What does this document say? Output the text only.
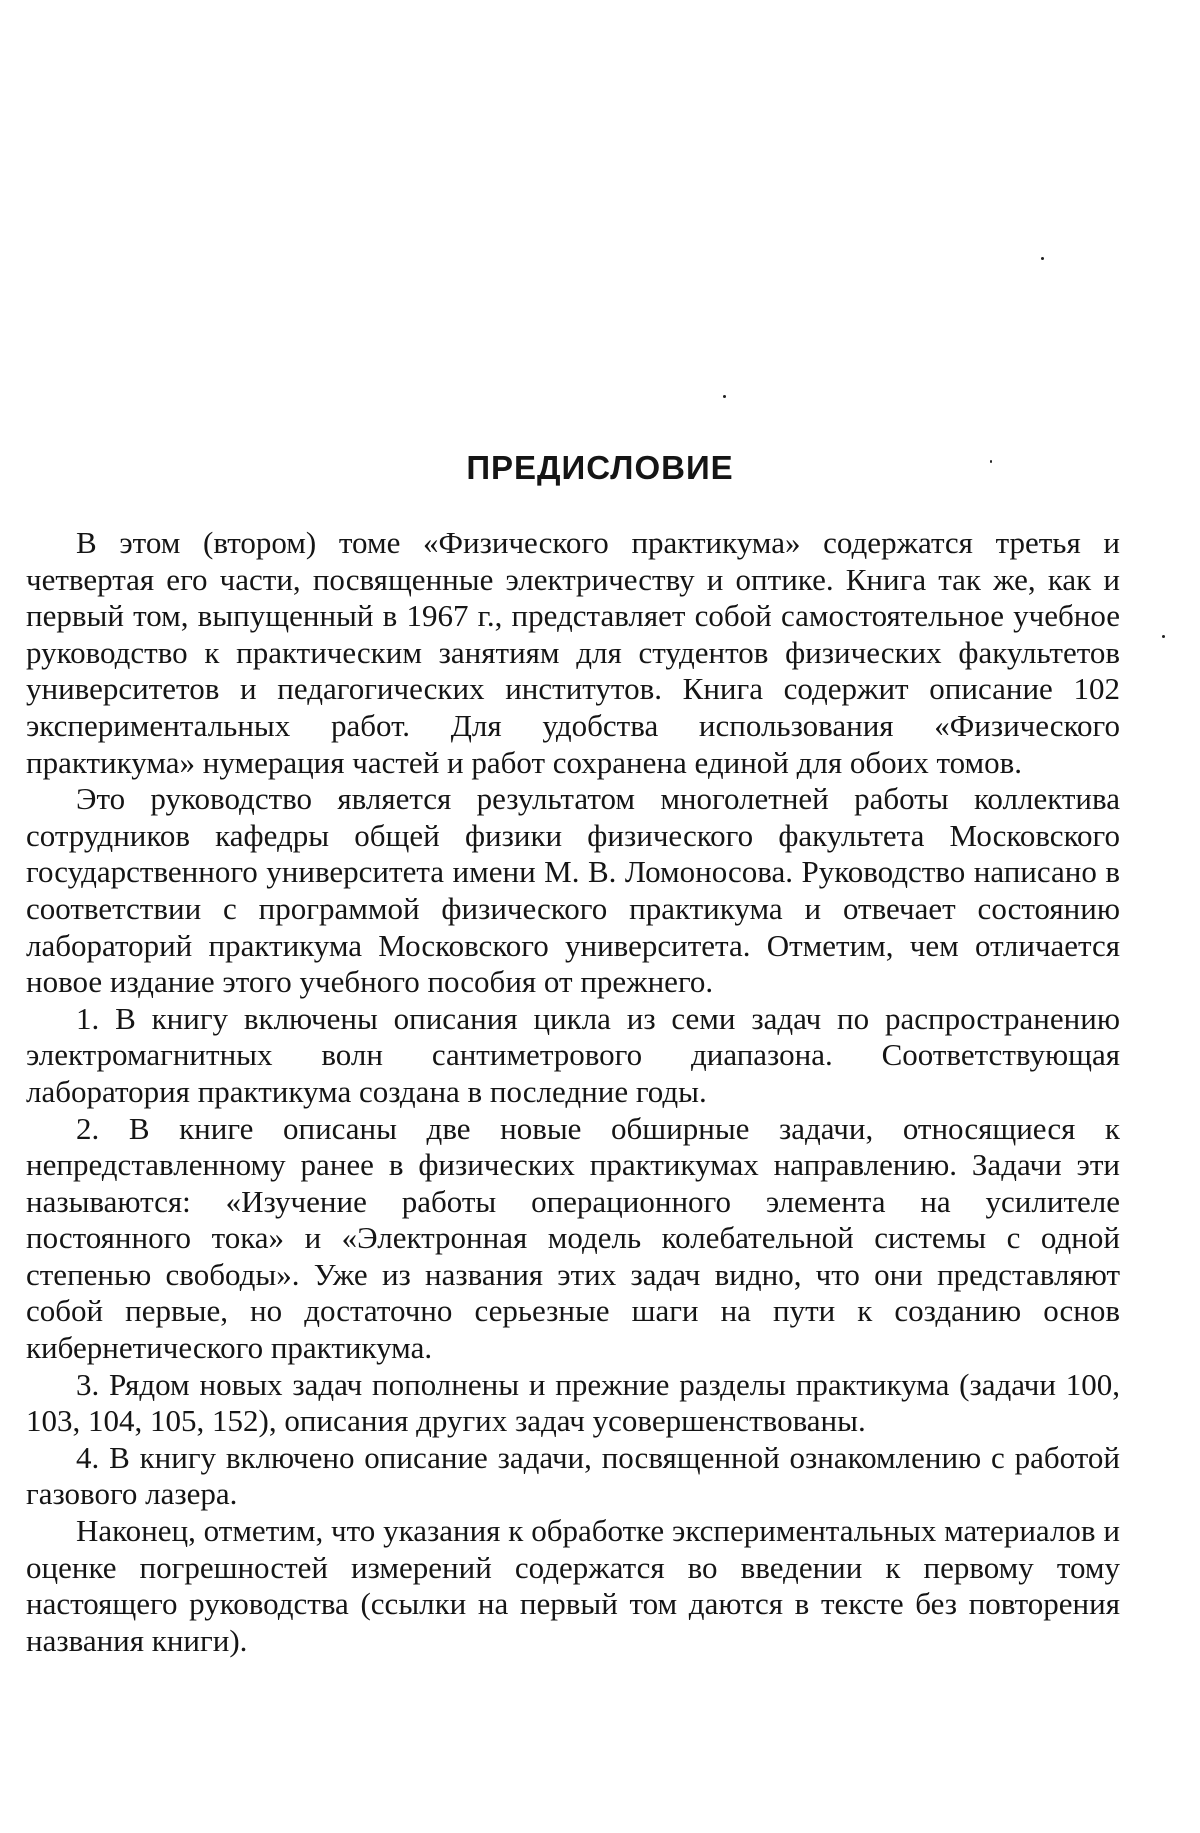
ПРЕДИСЛОВИЕ

В этом (втором) томе «Физического практикума» содержатся третья и четвертая его части, посвященные электричеству и оптике. Книга так же, как и первый том, выпущенный в 1967 г., представляет собой самостоятельное учебное руководство к практическим занятиям для студентов физических факультетов университетов и педагогических институтов. Книга содержит описание 102 экспериментальных работ. Для удобства использования «Физического практикума» нумерация частей и работ сохранена единой для обоих томов.

Это руководство является результатом многолетней работы коллектива сотрудников кафедры общей физики физического факультета Московского государственного университета имени М. В. Ломоносова. Руководство написано в соответствии с программой физического практикума и отвечает состоянию лабораторий практикума Московского университета. Отметим, чем отличается новое издание этого учебного пособия от прежнего.

1. В книгу включены описания цикла из семи задач по распространению электромагнитных волн сантиметрового диапазона. Соответствующая лаборатория практикума создана в последние годы.

2. В книге описаны две новые обширные задачи, относящиеся к непредставленному ранее в физических практикумах направлению. Задачи эти называются: «Изучение работы операционного элемента на усилителе постоянного тока» и «Электронная модель колебательной системы с одной степенью свободы». Уже из названия этих задач видно, что они представляют собой первые, но достаточно серьезные шаги на пути к созданию основ кибернетического практикума.

3. Рядом новых задач пополнены и прежние разделы практикума (задачи 100, 103, 104, 105, 152), описания других задач усовершенствованы.

4. В книгу включено описание задачи, посвященной ознакомлению с работой газового лазера.

Наконец, отметим, что указания к обработке экспериментальных материалов и оценке погрешностей измерений содержатся во введении к первому тому настоящего руководства (ссылки на первый том даются в тексте без повторения названия книги).
